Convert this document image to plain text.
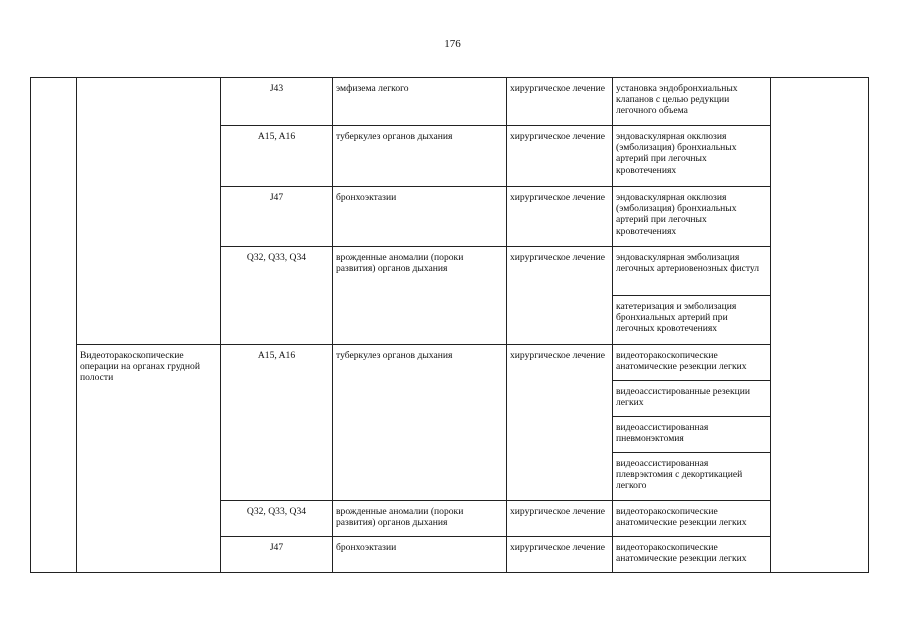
176
		J43	эмфизема легкого	хирургическое лечение	установка эндобронхиальных клапанов с целью редукции легочного объема	
		A15, A16	туберкулез органов дыхания	хирургическое лечение	эндоваскулярная окклюзия (эмболизация) бронхиальных артерий при легочных кровотечениях	
		J47	бронхоэктазии	хирургическое лечение	эндоваскулярная окклюзия (эмболизация) бронхиальных артерий при легочных кровотечениях	
		Q32, Q33, Q34	врожденные аномалии (пороки развития) органов дыхания	хирургическое лечение	эндоваскулярная эмболизация легочных артериовенозных фистул	
					катетеризация и эмболизация бронхиальных артерий при легочных кровотечениях	
	Видеоторакоскопические операции на органах грудной полости	A15, A16	туберкулез органов дыхания	хирургическое лечение	видеоторакоскопические анатомические резекции легких	
					видеоассистированные резекции легких	
					видеоассистированная пневмонэктомия	
					видеоассистированная плеврэктомия с декортикацией легкого	
		Q32, Q33, Q34	врожденные аномалии (пороки развития) органов дыхания	хирургическое лечение	видеоторакоскопические анатомические резекции легких	
		J47	бронхоэктазии	хирургическое лечение	видеоторакоскопические анатомические резекции легких	
